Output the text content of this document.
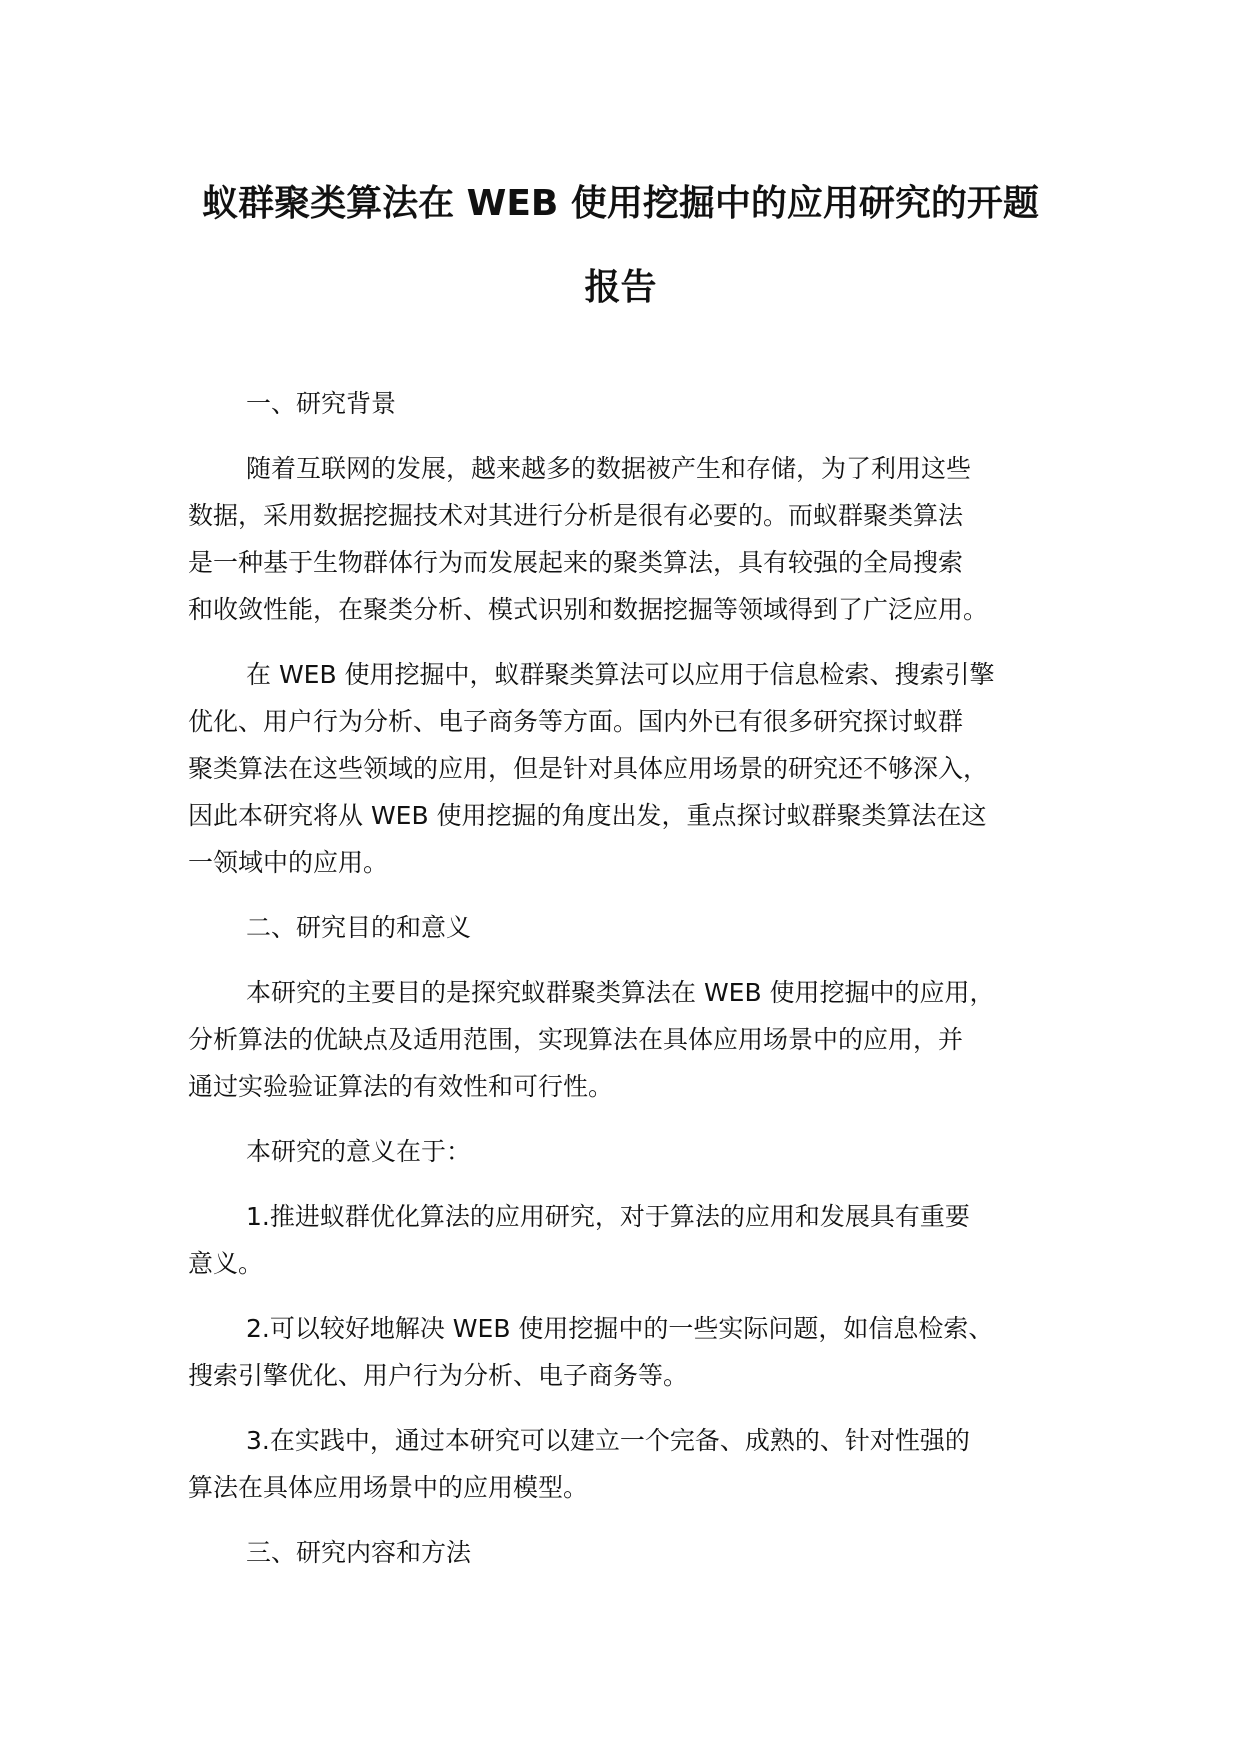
蚁群聚类算法在 WEB 使用挖掘中的应用研究的开题
报告
一、研究背景
随着互联网的发展，越来越多的数据被产生和存储，为了利用这些
数据，采用数据挖掘技术对其进行分析是很有必要的。而蚁群聚类算法
是一种基于生物群体行为而发展起来的聚类算法，具有较强的全局搜索
和收敛性能，在聚类分析、模式识别和数据挖掘等领域得到了广泛应用。
在 WEB 使用挖掘中，蚁群聚类算法可以应用于信息检索、搜索引擎
优化、用户行为分析、电子商务等方面。国内外已有很多研究探讨蚁群
聚类算法在这些领域的应用，但是针对具体应用场景的研究还不够深入，
因此本研究将从 WEB 使用挖掘的角度出发，重点探讨蚁群聚类算法在这
一领域中的应用。
二、研究目的和意义
本研究的主要目的是探究蚁群聚类算法在 WEB 使用挖掘中的应用，
分析算法的优缺点及适用范围，实现算法在具体应用场景中的应用，并
通过实验验证算法的有效性和可行性。
本研究的意义在于：
1.推进蚁群优化算法的应用研究，对于算法的应用和发展具有重要
意义。
2.可以较好地解决 WEB 使用挖掘中的一些实际问题，如信息检索、
搜索引擎优化、用户行为分析、电子商务等。
3.在实践中，通过本研究可以建立一个完备、成熟的、针对性强的
算法在具体应用场景中的应用模型。
三、研究内容和方法
